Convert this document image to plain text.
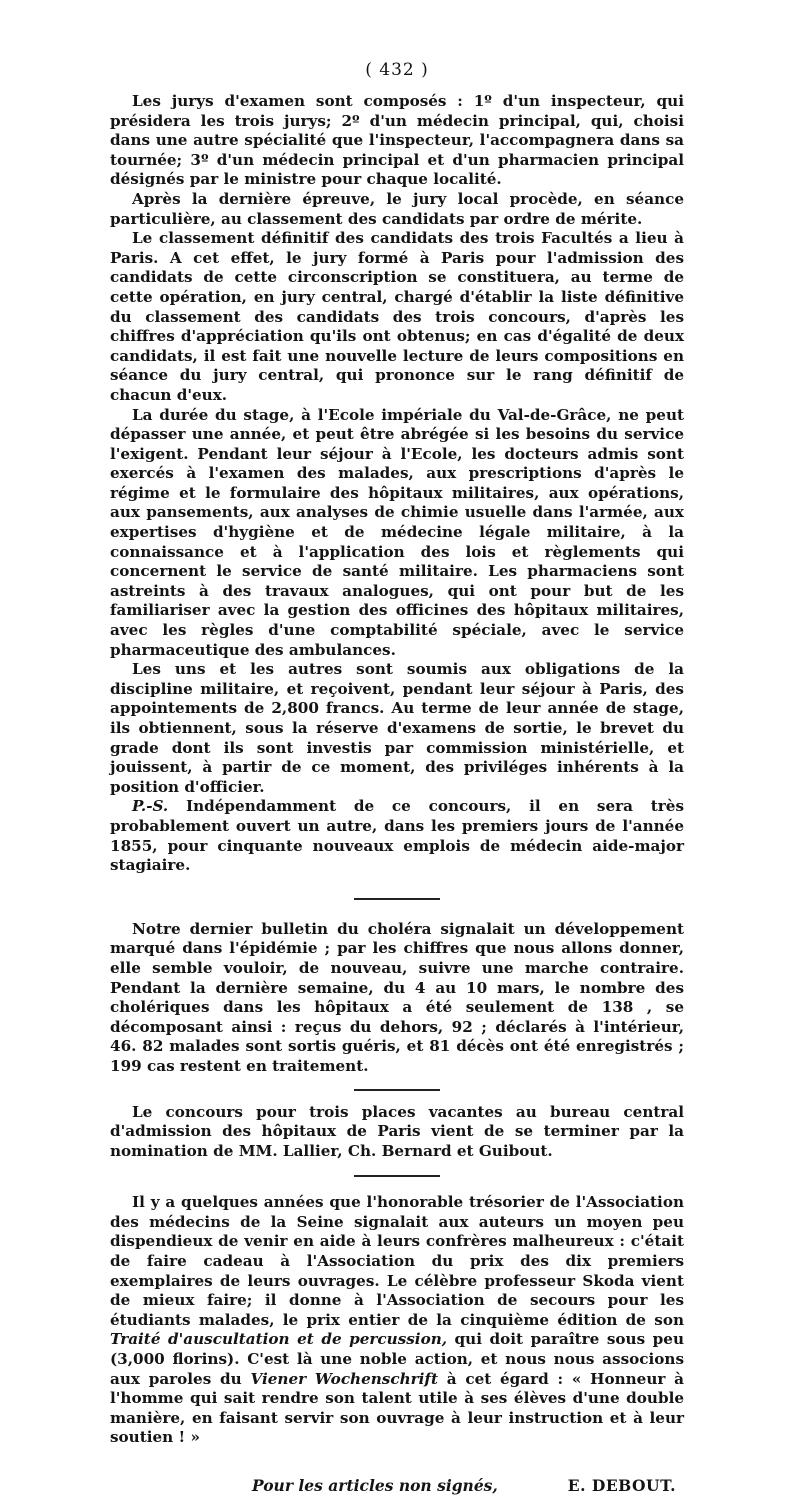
( 432 )

Les jurys d'examen sont composés : 1º d'un inspecteur, qui présidera les trois jurys; 2º d'un médecin principal, qui, choisi dans une autre spécialité que l'inspecteur, l'accompagnera dans sa tournée; 3º d'un médecin principal et d'un pharmacien principal désignés par le ministre pour chaque localité.

Après la dernière épreuve, le jury local procède, en séance particulière, au classement des candidats par ordre de mérite.

Le classement définitif des candidats des trois Facultés a lieu à Paris. A cet effet, le jury formé à Paris pour l'admission des candidats de cette circonscription se constituera, au terme de cette opération, en jury central, chargé d'établir la liste définitive du classement des candidats des trois concours, d'après les chiffres d'appréciation qu'ils ont obtenus; en cas d'égalité de deux candidats, il est fait une nouvelle lecture de leurs compositions en séance du jury central, qui prononce sur le rang définitif de chacun d'eux.

La durée du stage, à l'Ecole impériale du Val-de-Grâce, ne peut dépasser une année, et peut être abrégée si les besoins du service l'exigent. Pendant leur séjour à l'Ecole, les docteurs admis sont exercés à l'examen des malades, aux prescriptions d'après le régime et le formulaire des hôpitaux militaires, aux opérations, aux pansements, aux analyses de chimie usuelle dans l'armée, aux expertises d'hygiène et de médecine légale militaire, à la connaissance et à l'application des lois et règlements qui concernent le service de santé militaire. Les pharmaciens sont astreints à des travaux analogues, qui ont pour but de les familiariser avec la gestion des officines des hôpitaux militaires, avec les règles d'une comptabilité spéciale, avec le service pharmaceutique des ambulances.

Les uns et les autres sont soumis aux obligations de la discipline militaire, et reçoivent, pendant leur séjour à Paris, des appointements de 2,800 francs. Au terme de leur année de stage, ils obtiennent, sous la réserve d'examens de sortie, le brevet du grade dont ils sont investis par commission ministérielle, et jouissent, à partir de ce moment, des priviléges inhérents à la position d'officier.

P.-S. Indépendamment de ce concours, il en sera très probablement ouvert un autre, dans les premiers jours de l'année 1855, pour cinquante nouveaux emplois de médecin aide-major stagiaire.

Notre dernier bulletin du choléra signalait un développement marqué dans l'épidémie ; par les chiffres que nous allons donner, elle semble vouloir, de nouveau, suivre une marche contraire. Pendant la dernière semaine, du 4 au 10 mars, le nombre des cholériques dans les hôpitaux a été seulement de 138 , se décomposant ainsi : reçus du dehors, 92 ; déclarés à l'intérieur, 46. 82 malades sont sortis guéris, et 81 décès ont été enregistrés ; 199 cas restent en traitement.

Le concours pour trois places vacantes au bureau central d'admission des hôpitaux de Paris vient de se terminer par la nomination de MM. Lallier, Ch. Bernard et Guibout.

Il y a quelques années que l'honorable trésorier de l'Association des médecins de la Seine signalait aux auteurs un moyen peu dispendieux de venir en aide à leurs confrères malheureux : c'était de faire cadeau à l'Association du prix des dix premiers exemplaires de leurs ouvrages. Le célèbre professeur Skoda vient de mieux faire; il donne à l'Association de secours pour les étudiants malades, le prix entier de la cinquième édition de son Traité d'auscultation et de percussion, qui doit paraître sous peu (3,000 florins). C'est là une noble action, et nous nous associons aux paroles du Viener Wochenschrift à cet égard : « Honneur à l'homme qui sait rendre son talent utile à ses élèves d'une double manière, en faisant servir son ouvrage à leur instruction et à leur soutien ! »

Pour les articles non signés,	E. DEBOUT.
